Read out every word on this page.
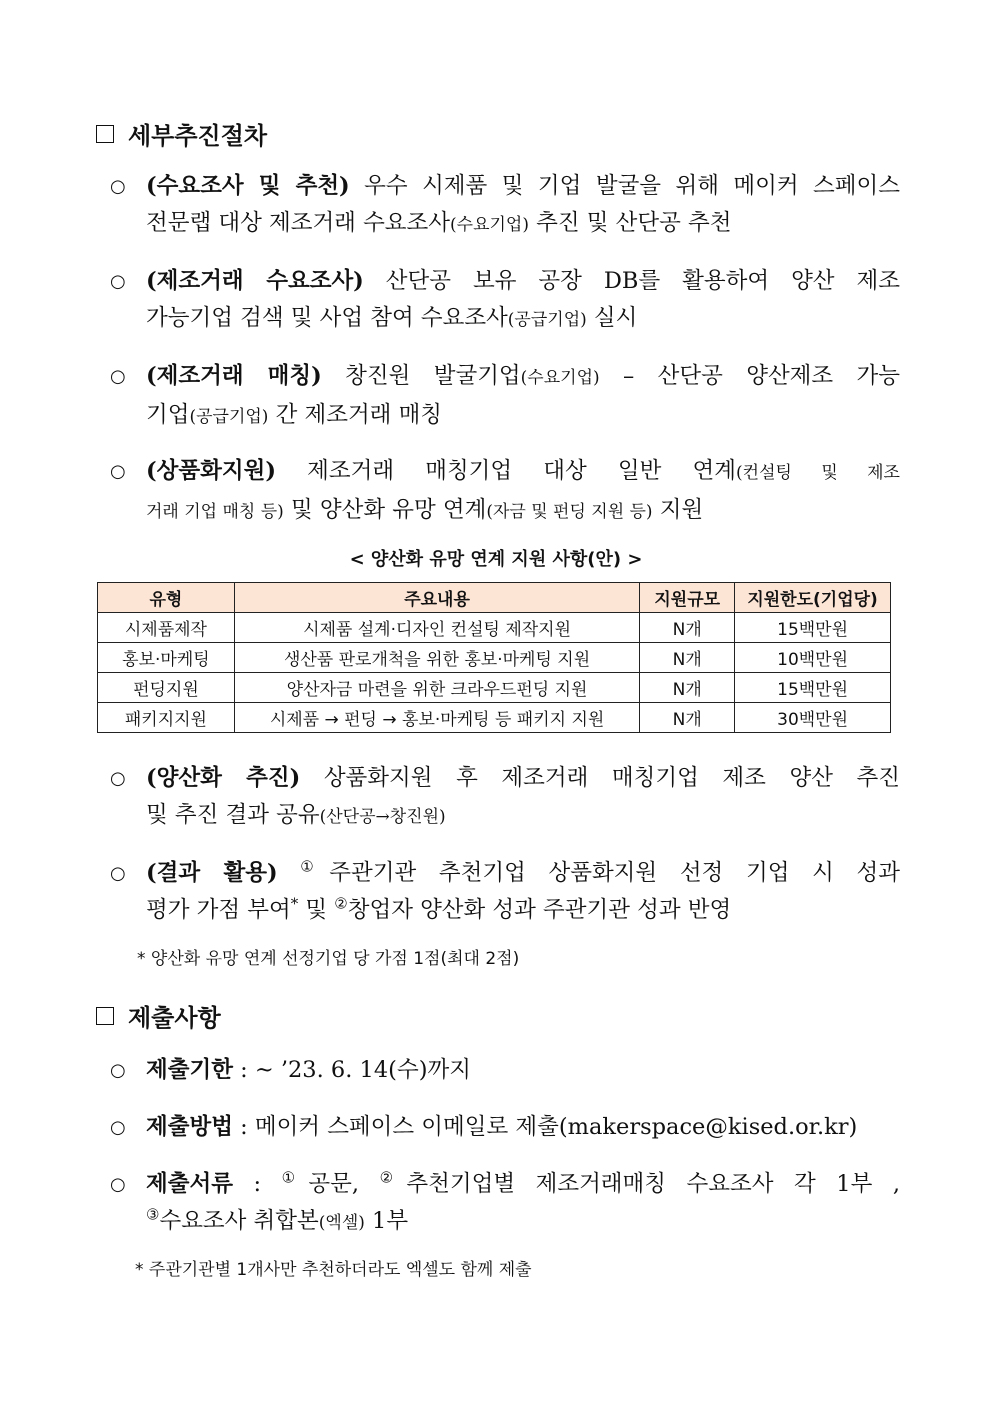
세부추진절차
○ (수요조사 및 추천) 우수 시제품 및 기업 발굴을 위해 메이커 스페이스
전문랩 대상 제조거래 수요조사(수요기업) 추진 및 산단공 추천
○ (제조거래 수요조사) 산단공 보유 공장 DB를 활용하여 양산 제조
가능기업 검색 및 사업 참여 수요조사(공급기업) 실시
○ (제조거래 매칭) 창진원 발굴기업(수요기업) – 산단공 양산제조 가능
기업(공급기업) 간 제조거래 매칭
○ (상품화지원) 제조거래 매칭기업 대상 일반 연계(컨설팅 및 제조
거래 기업 매칭 등) 및 양산화 유망 연계(자금 및 펀딩 지원 등) 지원
< 양산화 유망 연계 지원 사항(안) >
유형	주요내용	지원규모	지원한도(기업당)
시제품제작	시제품 설계·디자인 컨설팅 제작지원	N개	15백만원
홍보·마케팅	생산품 판로개척을 위한 홍보·마케팅 지원	N개	10백만원
펀딩지원	양산자금 마련을 위한 크라우드펀딩 지원	N개	15백만원
패키지지원	시제품 → 펀딩 → 홍보·마케팅 등 패키지 지원	N개	30백만원
○ (양산화 추진) 상품화지원 후 제조거래 매칭기업 제조 양산 추진
및 추진 결과 공유(산단공→창진원)
○ (결과 활용) ①주관기관 추천기업 상품화지원 선정 기업 시 성과
평가 가점 부여* 및 ②창업자 양산화 성과 주관기관 성과 반영
* 양산화 유망 연계 선정기업 당 가점 1점(최대 2점)
제출사항
○ 제출기한 : ~ ’23. 6. 14(수)까지
○ 제출방법 : 메이커 스페이스 이메일로 제출(makerspace@kised.or.kr)
○ 제출서류 : ①공문, ②추천기업별 제조거래매칭 수요조사 각 1부 ,
③수요조사 취합본(엑셀) 1부
* 주관기관별 1개사만 추천하더라도 엑셀도 함께 제출
